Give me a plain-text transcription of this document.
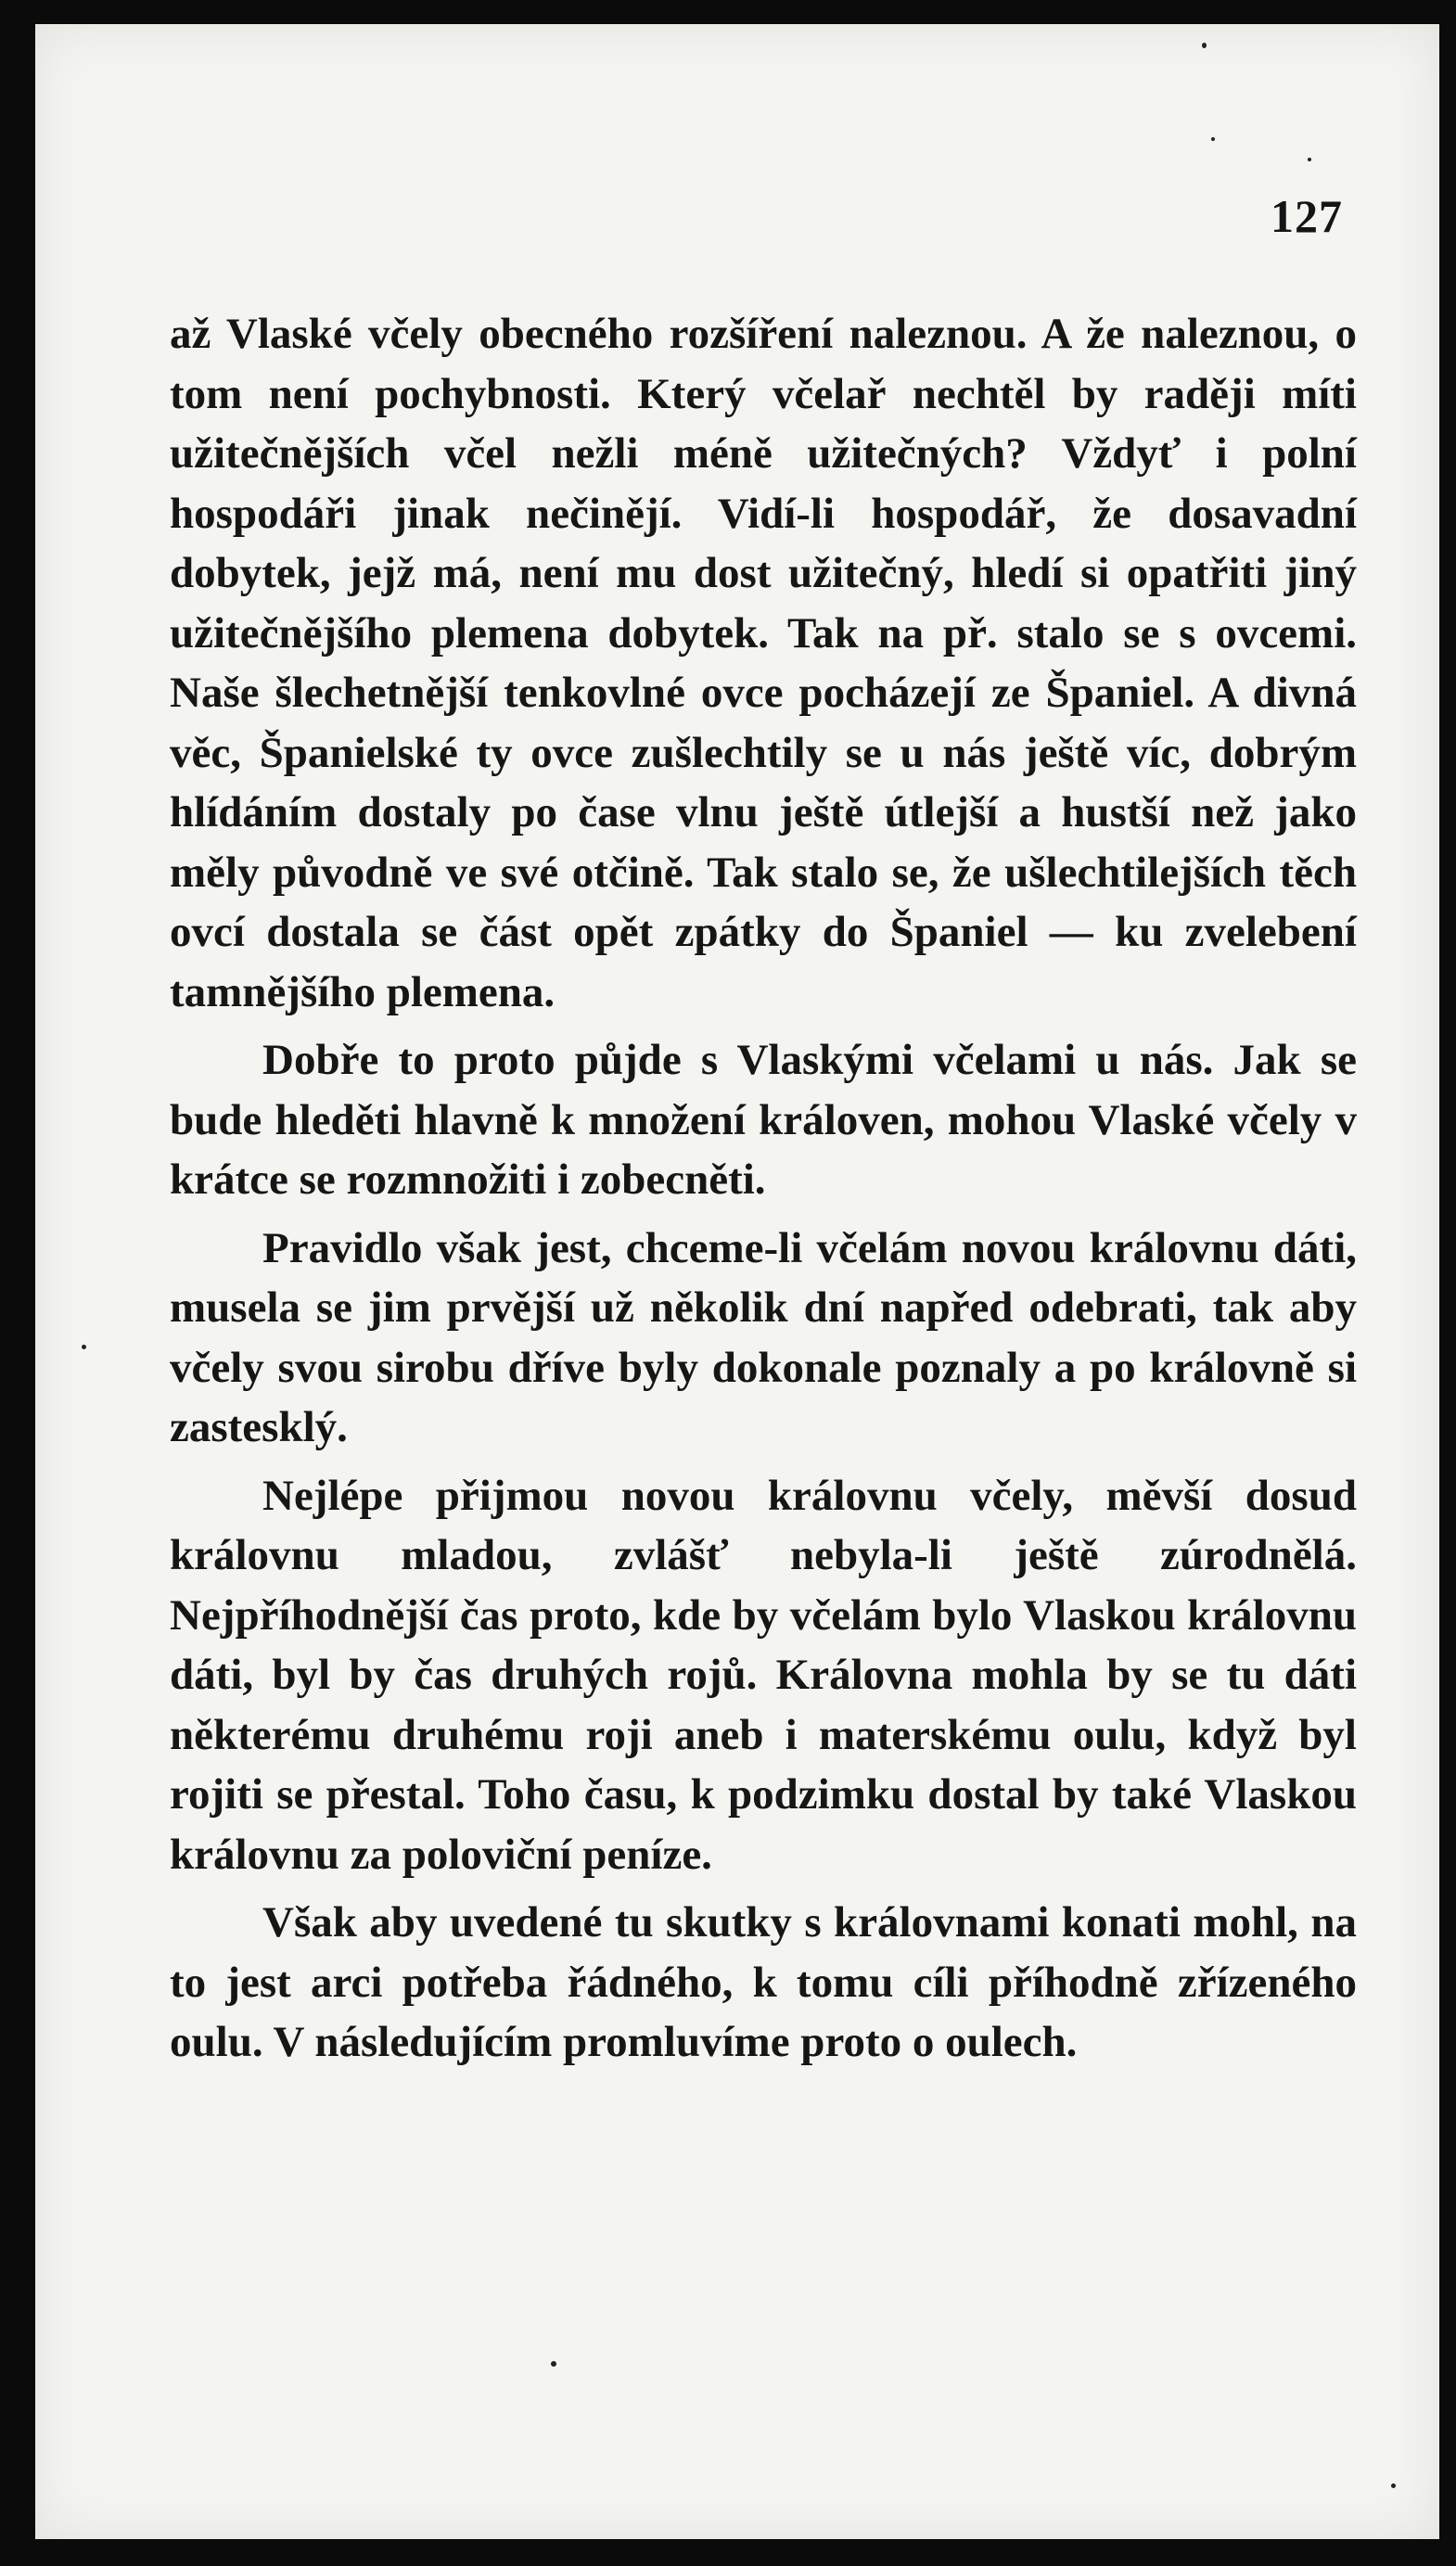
127

až Vlaské včely obecného rozšíření naleznou. A že naleznou, o tom není pochybnosti. Který včelař nechtěl by raději míti užitečnějších včel nežli méně užitečných? Vždyť i polní hospodáři jinak nečinějí. Vidí-li hospodář, že dosavadní dobytek, jejž má, není mu dost užitečný, hledí si opatřiti jiný užitečnějšího plemena dobytek. Tak na př. stalo se s ovcemi. Naše šlechetnější tenkovlné ovce pocházejí ze Španiel. A divná věc, Španielské ty ovce zušlechtily se u nás ještě víc, dobrým hlídáním dostaly po čase vlnu ještě útlejší a hustší než jako měly původně ve své otčině. Tak stalo se, že ušlechtilejších těch ovcí dostala se část opět zpátky do Španiel — ku zvelebení tamnějšího plemena.

Dobře to proto půjde s Vlaskými včelami u nás. Jak se bude hleděti hlavně k množení královen, mohou Vlaské včely v krátce se rozmnožiti i zobecněti.

Pravidlo však jest, chceme-li včelám novou královnu dáti, musela se jim prvější už několik dní napřed odebrati, tak aby včely svou sirobu dříve byly dokonale poznaly a po královně si zastesklý.

Nejlépe přijmou novou královnu včely, měvší dosud královnu mladou, zvlášť nebyla-li ještě zúrodnělá. Nejpříhodnější čas proto, kde by včelám bylo Vlaskou královnu dáti, byl by čas druhých rojů. Královna mohla by se tu dáti některému druhému roji aneb i materskému oulu, když byl rojiti se přestal. Toho času, k podzimku dostal by také Vlaskou královnu za poloviční peníze.

Však aby uvedené tu skutky s královnami konati mohl, na to jest arci potřeba řádného, k tomu cíli příhodně zřízeného oulu. V následujícím promluvíme proto o oulech.
